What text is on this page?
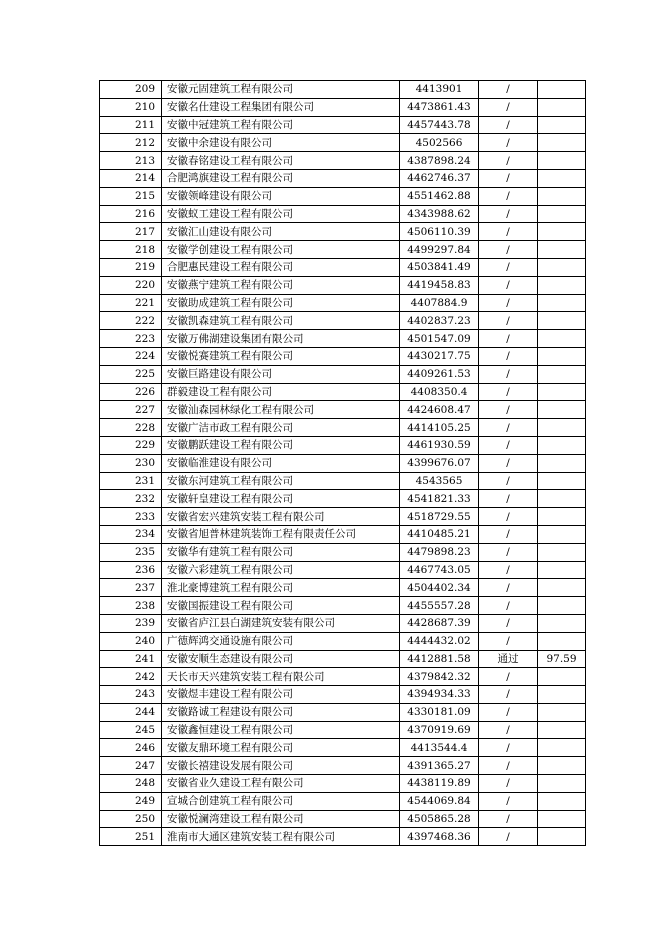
209	安徽元固建筑工程有限公司	4413901	/	
210	安徽名仕建设工程集团有限公司	4473861.43	/	
211	安徽中冠建筑工程有限公司	4457443.78	/	
212	安徽中余建设有限公司	4502566	/	
213	安徽春铭建设工程有限公司	4387898.24	/	
214	合肥鸿旗建设工程有限公司	4462746.37	/	
215	安徽领峰建设有限公司	4551462.88	/	
216	安徽蚁工建设工程有限公司	4343988.62	/	
217	安徽汇山建设有限公司	4506110.39	/	
218	安徽学创建设工程有限公司	4499297.84	/	
219	合肥惠民建设工程有限公司	4503841.49	/	
220	安徽燕宁建筑工程有限公司	4419458.83	/	
221	安徽助成建筑工程有限公司	4407884.9	/	
222	安徽凯森建筑工程有限公司	4402837.23	/	
223	安徽万佛湖建设集团有限公司	4501547.09	/	
224	安徽悦赛建筑工程有限公司	4430217.75	/	
225	安徽巨路建设有限公司	4409261.53	/	
226	群毅建设工程有限公司	4408350.4	/	
227	安徽汕森园林绿化工程有限公司	4424608.47	/	
228	安徽广洁市政工程有限公司	4414105.25	/	
229	安徽鹏跃建设工程有限公司	4461930.59	/	
230	安徽临淮建设有限公司	4399676.07	/	
231	安徽东河建筑工程有限公司	4543565	/	
232	安徽轩皇建设工程有限公司	4541821.33	/	
233	安徽省宏兴建筑安装工程有限公司	4518729.55	/	
234	安徽省旭普林建筑装饰工程有限责任公司	4410485.21	/	
235	安徽华有建筑工程有限公司	4479898.23	/	
236	安徽六彩建筑工程有限公司	4467743.05	/	
237	淮北豪博建筑工程有限公司	4504402.34	/	
238	安徽国振建设工程有限公司	4455557.28	/	
239	安徽省庐江县白湖建筑安装有限公司	4428687.39	/	
240	广德辉鸿交通设施有限公司	4444432.02	/	
241	安徽安顺生态建设有限公司	4412881.58	通过	97.59
242	天长市天兴建筑安装工程有限公司	4379842.32	/	
243	安徽煜丰建设工程有限公司	4394934.33	/	
244	安徽路诚工程建设有限公司	4330181.09	/	
245	安徽鑫恒建设工程有限公司	4370919.69	/	
246	安徽友鼎环境工程有限公司	4413544.4	/	
247	安徽长禧建设发展有限公司	4391365.27	/	
248	安徽省业久建设工程有限公司	4438119.89	/	
249	宣城合创建筑工程有限公司	4544069.84	/	
250	安徽悦澜湾建设工程有限公司	4505865.28	/	
251	淮南市大通区建筑安装工程有限公司	4397468.36	/	
